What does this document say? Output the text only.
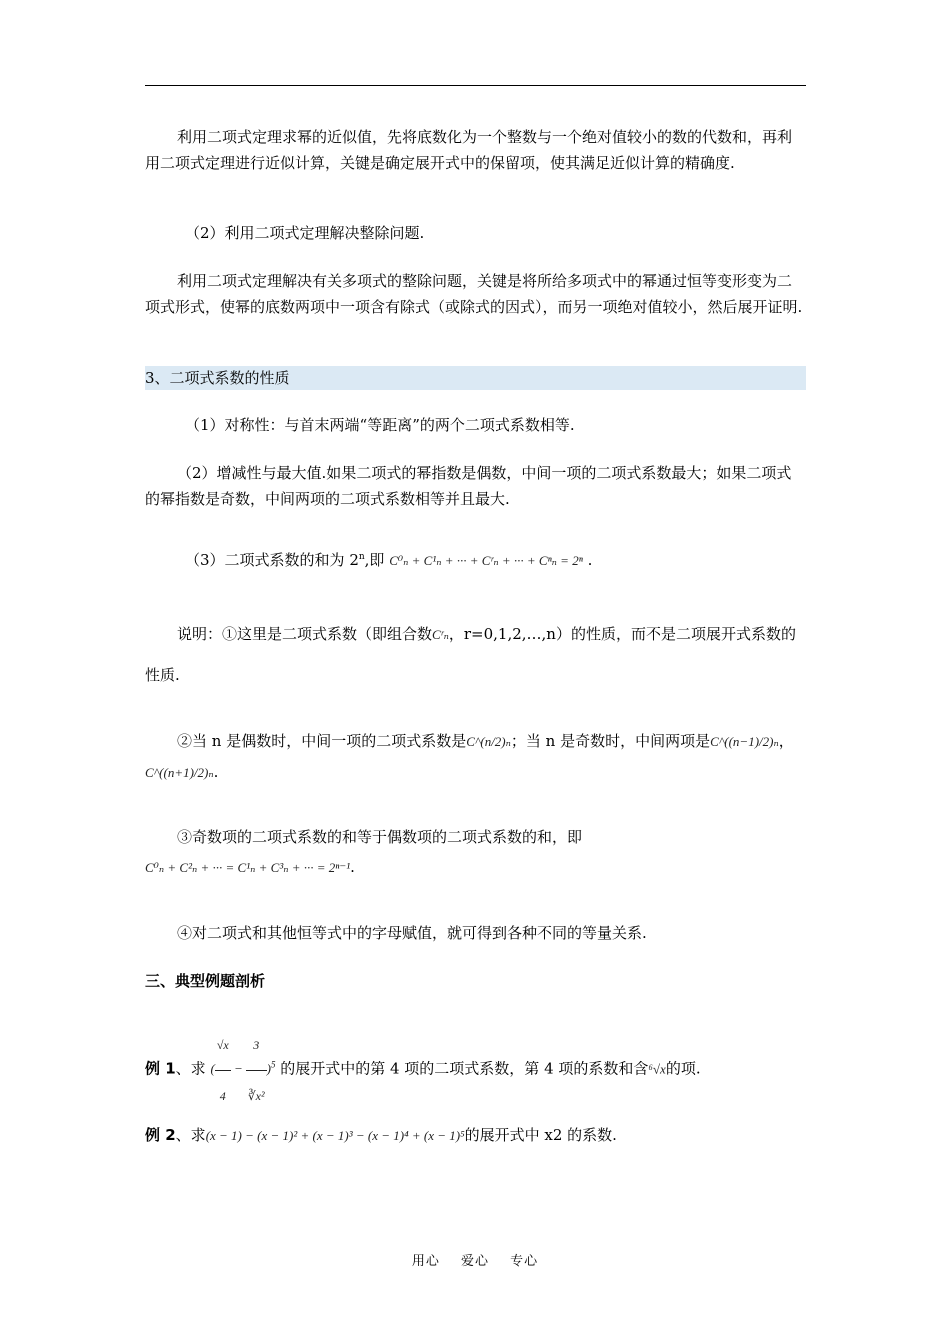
利用二项式定理求幂的近似值，先将底数化为一个整数与一个绝对值较小的数的代数和，再利用二项式定理进行近似计算，关键是确定展开式中的保留项，使其满足近似计算的精确度.
（2）利用二项式定理解决整除问题.
利用二项式定理解决有关多项式的整除问题，关键是将所给多项式中的幂通过恒等变形变为二项式形式，使幂的底数两项中一项含有除式（或除式的因式），而另一项绝对值较小，然后展开证明.
3、二项式系数的性质
（1）对称性：与首末两端“等距离”的两个二项式系数相等.
（2）增减性与最大值.如果二项式的幂指数是偶数，中间一项的二项式系数最大；如果二项式的幂指数是奇数，中间两项的二项式系数相等并且最大.
（3）二项式系数的和为 2$^n$,即 C⁰ₙ + C¹ₙ + ··· + Cʳₙ + ··· + Cⁿₙ = 2ⁿ .
说明：①这里是二项式系数（即组合数Cʳₙ，r=0,1,2,…,n）的性质，而不是二项展开式系数的性质.
②当 n 是偶数时，中间一项的二项式系数是C^(n/2)ₙ；当 n 是奇数时，中间两项是C^((n−1)/2)ₙ，C^((n+1)/2)ₙ.
③奇数项的二项式系数的和等于偶数项的二项式系数的和，即
C⁰ₙ + C²ₙ + ··· = C¹ₙ + C³ₙ + ··· = 2ⁿ⁻¹.
④对二项式和其他恒等式中的字母赋值，就可得到各种不同的等量关系.
三、典型例题剖析
例 1、求 ( $\frac{√x}{4} - \frac{3}{\text{∛x²}} )^5$ 的展开式中的第 4 项的二项式系数，第 4 项的系数和含⁶√x的项.
例 2、求(x − 1) − (x − 1)² + (x − 1)³ − (x − 1)⁴ + (x − 1)⁵的展开式中 x2 的系数.
用心 爱心 专心
